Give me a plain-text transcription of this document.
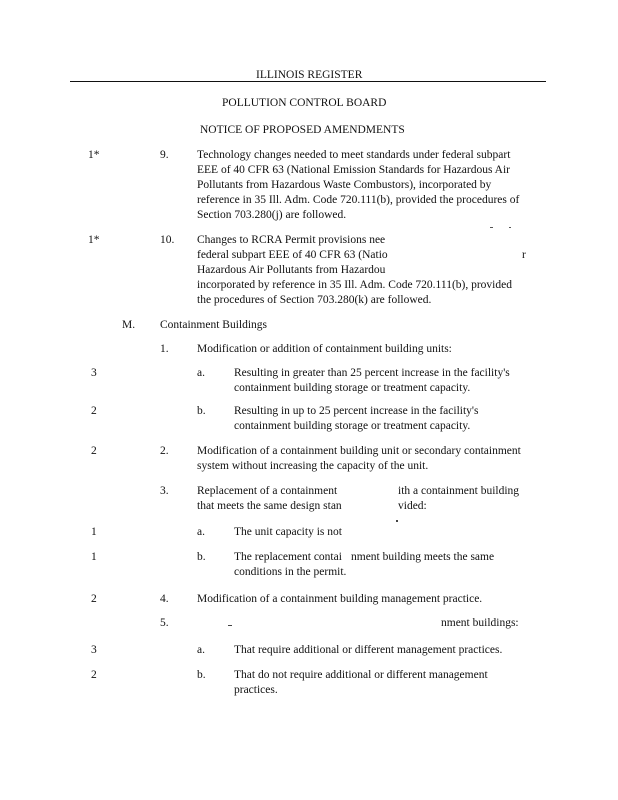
ILLINOIS REGISTER
POLLUTION CONTROL BOARD
NOTICE OF PROPOSED AMENDMENTS
1*	9. Technology changes needed to meet standards under federal subpart
EEE of 40 CFR 63 (National Emission Standards for Hazardous Air
Pollutants from Hazardous Waste Combustors), incorporated by
reference in 35 Ill. Adm. Code 720.111(b), provided the procedures of
Section 703.280(j) are followed.
1*	10. Changes to RCRA Permit provisions nee
federal subpart EEE of 40 CFR 63 (Natio	r
Hazardous Air Pollutants from Hazardou
incorporated by reference in 35 Ill. Adm. Code 720.111(b), provided
the procedures of Section 703.280(k) are followed.
M. Containment Buildings
1. Modification or addition of containment building units:
3	a.	Resulting in greater than 25 percent increase in the facility's
containment building storage or treatment capacity.
2	b. Resulting in up to 25 percent increase in the facility's
containment building storage or treatment capacity.
2	2. Modification of a containment building unit or secondary containment
system without increasing the capacity of the unit.
3. Replacement of a containment	ith a containment building
that meets the same design stan	vided:
1	a.	The unit capacity is not
1	b. The replacement contai nment building meets the same
conditions in the permit.
2	4. Modification of a containment building management practice.
5.	nment buildings:
3	a.	That require additional or different management practices.
2	b. That do not require additional or different management
practices.
